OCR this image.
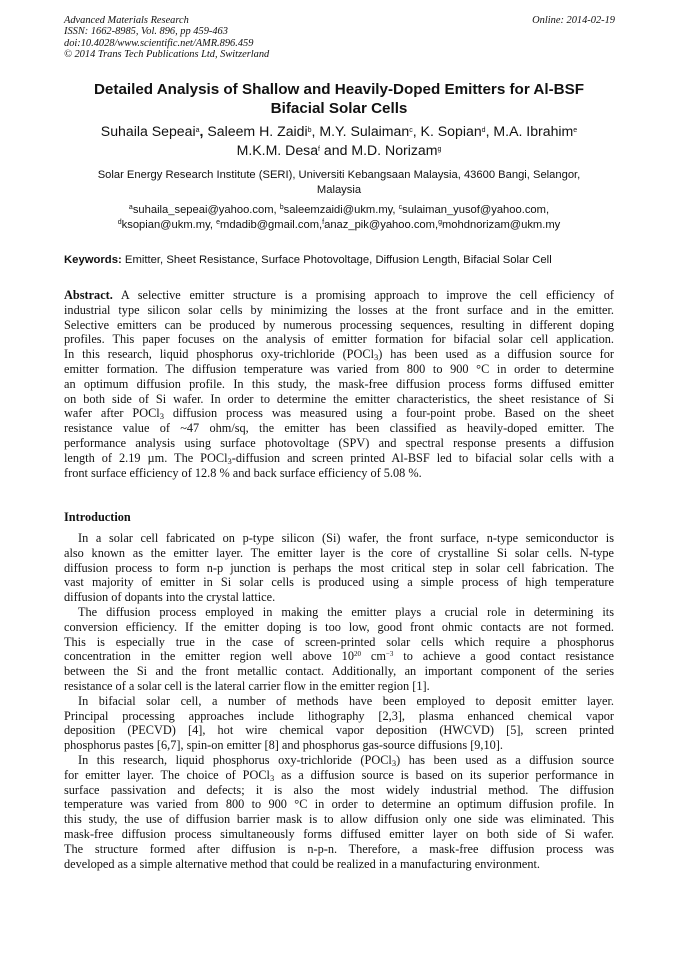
Advanced Materials Research
ISSN: 1662-8985, Vol. 896, pp 459-463
doi:10.4028/www.scientific.net/AMR.896.459
© 2014 Trans Tech Publications Ltd, Switzerland
Online: 2014-02-19
Detailed Analysis of Shallow and Heavily-Doped Emitters for Al-BSF
Bifacial Solar Cells
Suhaila Sepeai$^a$, Saleem H. Zaidi$^b$, M.Y. Sulaiman$^c$, K. Sopian$^d$, M.A. Ibrahim$^e$
M.K.M. Desa$^f$ and M.D. Norizam$^g$
Solar Energy Research Institute (SERI), Universiti Kebangsaan Malaysia, 43600 Bangi, Selangor,
Malaysia
$^a$suhaila_sepeai@yahoo.com, $^b$saleemzaidi@ukm.my, $^c$sulaiman_yusof@yahoo.com,
$^d$ksopian@ukm.my, $^e$mdadib@gmail.com,$^f$anaz_pik@yahoo.com,$^g$mohdnorizam@ukm.my
Keywords: Emitter, Sheet Resistance, Surface Photovoltage, Diffusion Length, Bifacial Solar Cell
Abstract. A selective emitter structure is a promising approach to improve the cell efficiency of
industrial type silicon solar cells by minimizing the losses at the front surface and in the emitter.
Selective emitters can be produced by numerous processing sequences, resulting in different doping
profiles. This paper focuses on the analysis of emitter formation for bifacial solar cell application.
In this research, liquid phosphorus oxy-trichloride (POCl$_3$) has been used as a diffusion source for
emitter formation. The diffusion temperature was varied from 800 to 900 °C in order to determine
an optimum diffusion profile. In this study, the mask-free diffusion process forms diffused emitter
on both side of Si wafer. In order to determine the emitter characteristics, the sheet resistance of Si
wafer after POCl$_3$ diffusion process was measured using a four-point probe. Based on the sheet
resistance value of ~47 ohm/sq, the emitter has been classified as heavily-doped emitter. The
performance analysis using surface photovoltage (SPV) and spectral response presents a diffusion
length of 2.19 µm. The POCl$_3$-diffusion and screen printed Al-BSF led to bifacial solar cells with a
front surface efficiency of 12.8 % and back surface efficiency of 5.08 %.
Introduction
In a solar cell fabricated on p-type silicon (Si) wafer, the front surface, n-type semiconductor is
also known as the emitter layer. The emitter layer is the core of crystalline Si solar cells. N-type
diffusion process to form n-p junction is perhaps the most critical step in solar cell fabrication. The
vast majority of emitter in Si solar cells is produced using a simple process of high temperature
diffusion of dopants into the crystal lattice.
The diffusion process employed in making the emitter plays a crucial role in determining its
conversion efficiency. If the emitter doping is too low, good front ohmic contacts are not formed.
This is especially true in the case of screen-printed solar cells which require a phosphorus
concentration in the emitter region well above $10^{20}$ $cm^{-3}$ to achieve a good contact resistance
between the Si and the front metallic contact. Additionally, an important component of the series
resistance of a solar cell is the lateral carrier flow in the emitter region [1].
In bifacial solar cell, a number of methods have been employed to deposit emitter layer.
Principal processing approaches include lithography [2,3], plasma enhanced chemical vapor
deposition (PECVD) [4], hot wire chemical vapor deposition (HWCVD) [5], screen printed
phosphorus pastes [6,7], spin-on emitter [8] and phosphorus gas-source diffusions [9,10].
In this research, liquid phosphorus oxy-trichloride (POCl$_3$) has been used as a diffusion source
for emitter layer. The choice of POCl$_3$ as a diffusion source is based on its superior performance in
surface passivation and defects; it is also the most widely industrial method. The diffusion
temperature was varied from 800 to 900 °C in order to determine an optimum diffusion profile. In
this study, the use of diffusion barrier mask is to allow diffusion only one side was eliminated. This
mask-free diffusion process simultaneously forms diffused emitter layer on both side of Si wafer.
The structure formed after diffusion is n-p-n. Therefore, a mask-free diffusion process was
developed as a simple alternative method that could be realized in a manufacturing environment.
